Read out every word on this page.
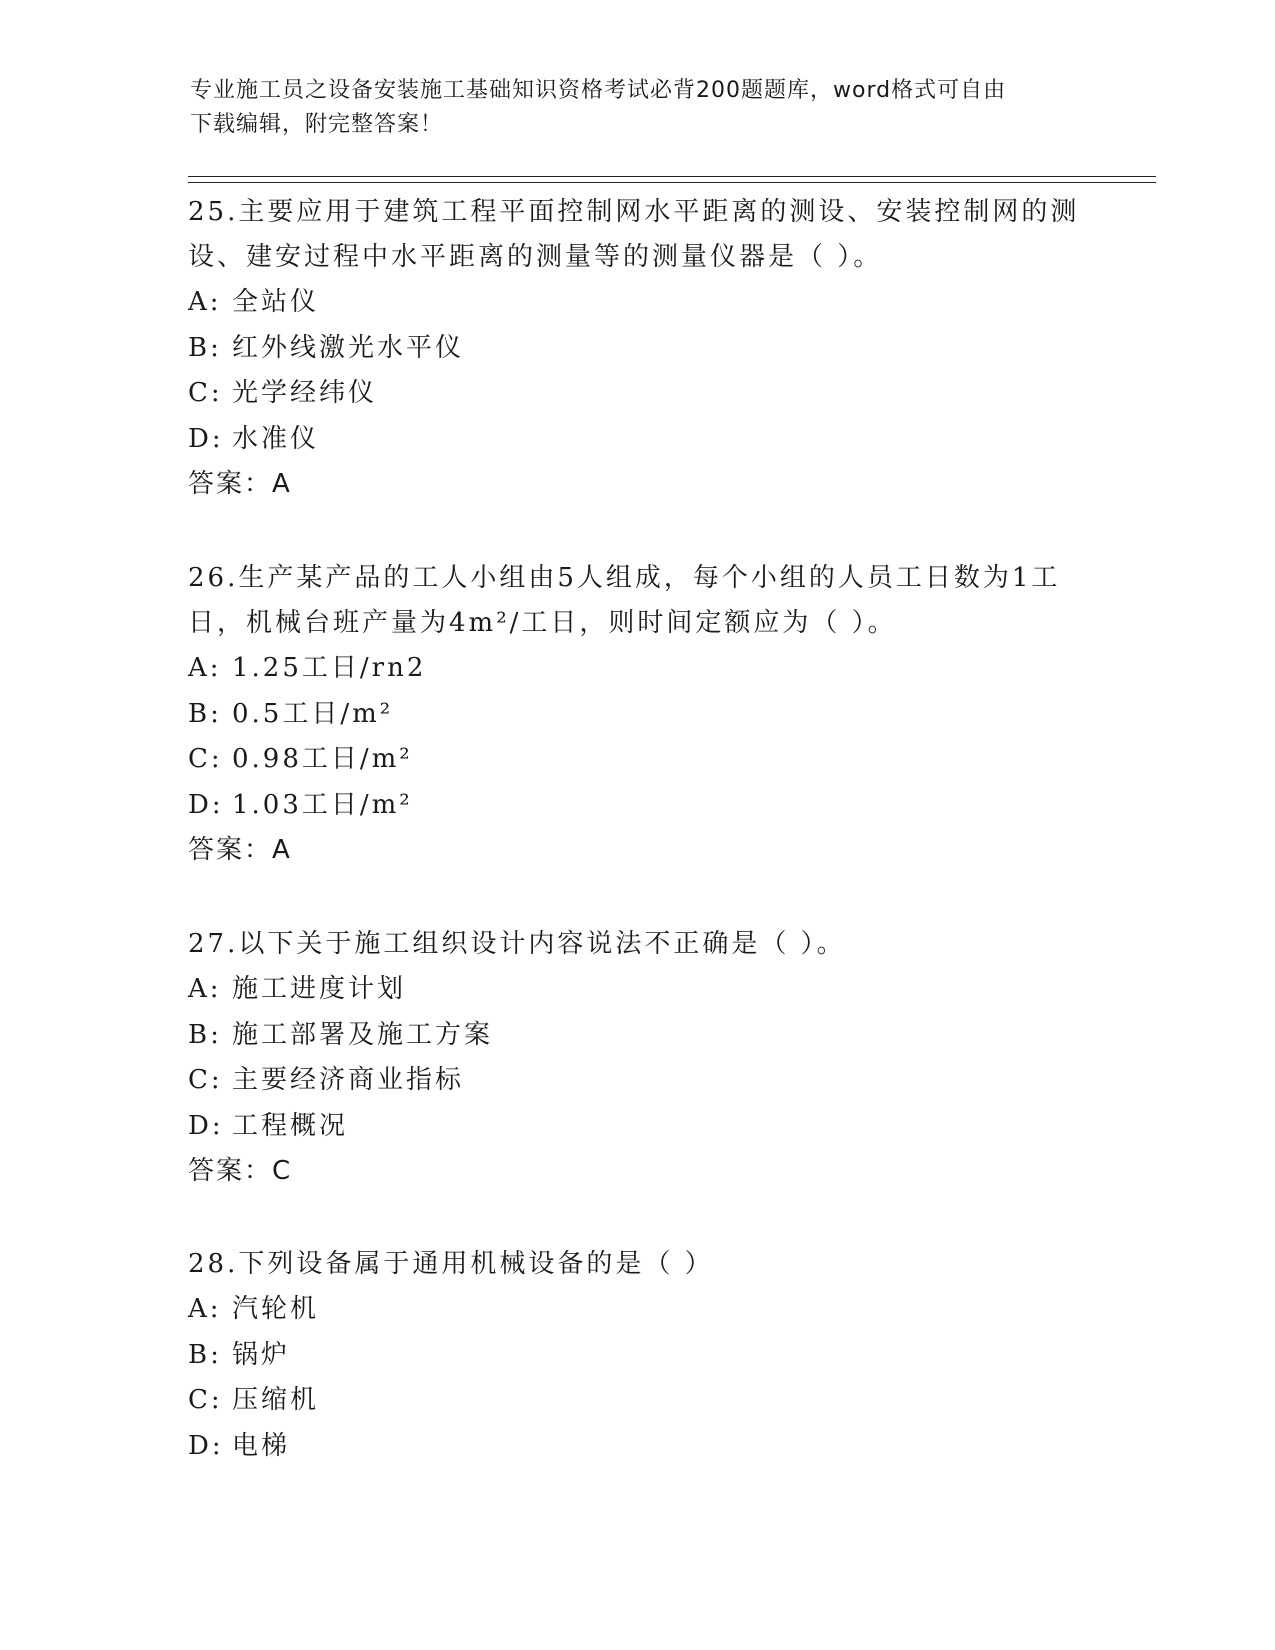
专业施工员之设备安装施工基础知识资格考试必背200题题库，word格式可自由
下载编辑，附完整答案！

25.主要应用于建筑工程平面控制网水平距离的测设、安装控制网的测
设、建安过程中水平距离的测量等的测量仪器是（ ）。

A: 全站仪

B: 红外线激光水平仪

C: 光学经纬仪

D: 水准仪

答案：A

26.生产某产品的工人小组由5人组成，每个小组的人员工日数为1工
日，机械台班产量为4m²/工日，则时间定额应为（ ）。

A: 1.25工日/rn2

B: 0.5工日/m²

C: 0.98工日/m²

D: 1.03工日/m²

答案：A

27.以下关于施工组织设计内容说法不正确是（ ）。

A: 施工进度计划

B: 施工部署及施工方案

C: 主要经济商业指标

D: 工程概况

答案：C

28.下列设备属于通用机械设备的是（ ）

A: 汽轮机

B: 锅炉

C: 压缩机

D: 电梯
